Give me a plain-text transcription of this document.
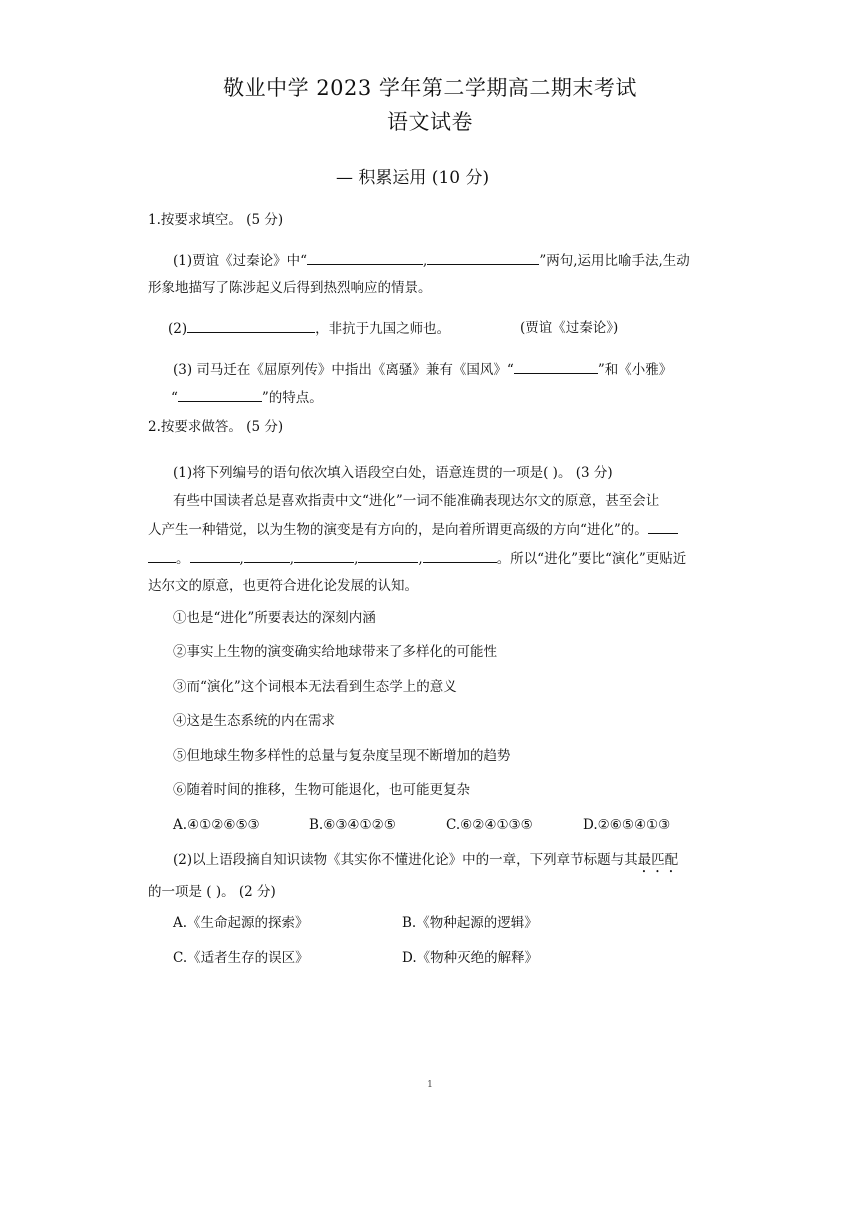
敬业中学 2023 学年第二学期高二期末考试
语文试卷
— 积累运用 (10 分)
1.按要求填空。 (5 分)
(1)贾谊《过秦论》中“	,	”两句,运用比喻手法,生动
形象地描写了陈涉起义后得到热烈响应的情景。
(2)	，非抗于九国之师也。	(贾谊《过秦论》)
(3) 司马迁在《屈原列传》中指出《离骚》兼有《国风》“	”和《小雅》
“	”的特点。
2.按要求做答。 (5 分)
(1)将下列编号的语句依次填入语段空白处，语意连贯的一项是( )。 (3 分)
有些中国读者总是喜欢指责中文“进化”一词不能准确表现达尔文的原意，甚至会让
人产生一种错觉，以为生物的演变是有方向的，是向着所谓更高级的方向“进化”的。
。	,	,	,	,	。所以“进化”要比“演化”更贴近
达尔文的原意，也更符合进化论发展的认知。
①也是“进化”所要表达的深刻内涵
②事实上生物的演变确实给地球带来了多样化的可能性
③而“演化”这个词根本无法看到生态学上的意义
④这是生态系统的内在需求
⑤但地球生物多样性的总量与复杂度呈现不断增加的趋势
⑥随着时间的推移，生物可能退化，也可能更复杂
A.④①②⑥⑤③	B.⑥③④①②⑤	C.⑥②④①③⑤	D.②⑥⑤④①③
(2)以上语段摘自知识读物《其实你不懂进化论》中的一章，下列章节标题与其最匹配
的一项是 ( )。 (2 分)
A.《生命起源的探索》	B.《物种起源的逻辑》
C.《适者生存的误区》	D.《物种灭绝的解释》
1
